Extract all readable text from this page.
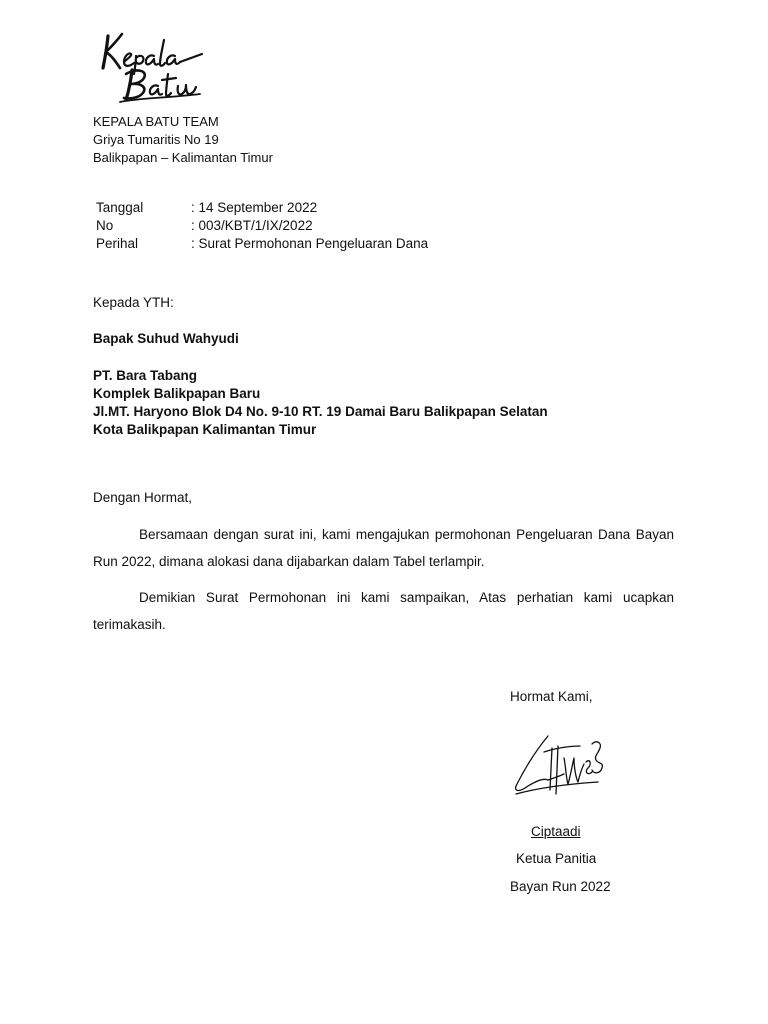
KEPALA BATU TEAM
Griya Tumaritis No 19
Balikpapan – Kalimantan Timur
Tanggal	: 14 September 2022
No	: 003/KBT/1/IX/2022
Perihal	: Surat Permohonan Pengeluaran Dana
Kepada YTH:
Bapak Suhud Wahyudi
PT. Bara Tabang
Komplek Balikpapan Baru
Jl.MT. Haryono Blok D4 No. 9-10 RT. 19 Damai Baru Balikpapan Selatan
Kota Balikpapan Kalimantan Timur
Dengan Hormat,
Bersamaan dengan surat ini, kami mengajukan permohonan Pengeluaran Dana Bayan Run 2022, dimana alokasi dana dijabarkan dalam Tabel terlampir.
Demikian Surat Permohonan ini kami sampaikan, Atas perhatian kami ucapkan terimakasih.
Hormat Kami,
Ciptaadi
Ketua Panitia
Bayan Run 2022
